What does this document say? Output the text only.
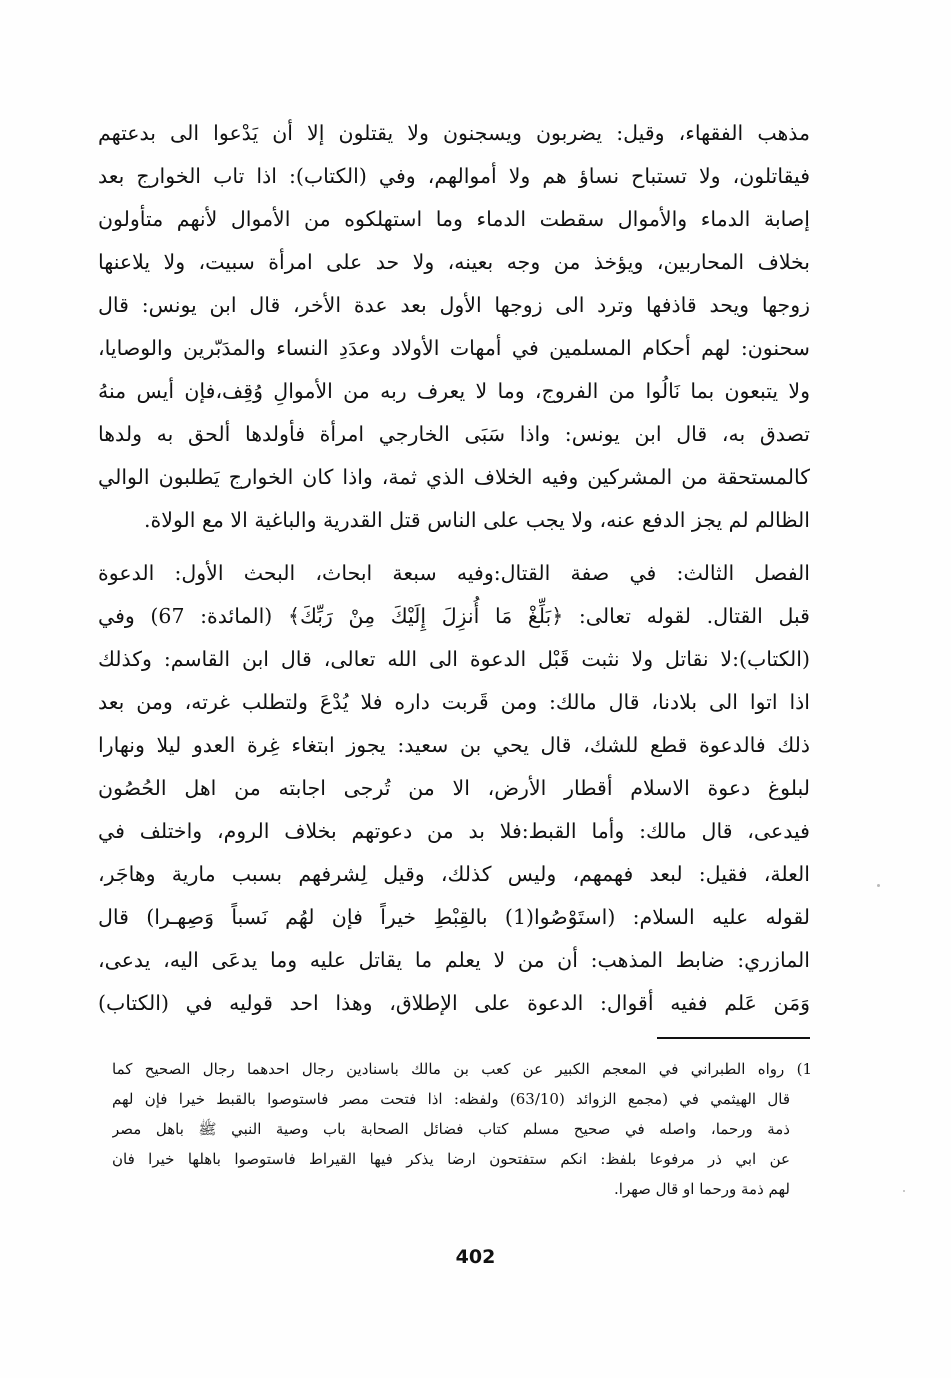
مذهب الفقهاء، وقيل: يضربون ويسجنون ولا يقتلون إلا أن يَدْعوا الى بدعتهم
فيقاتلون، ولا تستباح نساؤ هم ولا أموالهم، وفي (الكتاب): اذا تاب الخوارج بعد
إصابة الدماء والأموال سقطت الدماء وما استهلكوه من الأموال لأنهم متأولون
بخلاف المحاربين، ويؤخذ من وجه بعينه، ولا حد على امرأة سبيت، ولا يلاعنها
زوجها ويحد قاذفها وترد الى زوجها الأول بعد عدة الأخر، قال ابن يونس: قال
سحنون: لهم أحكام المسلمين في أمهات الأولاد وعدَدِ النساء والمدَبّرين والوصايا،
ولا يتبعون بما نَالُوا من الفروج، وما لا يعرف ربه من الأموالِ وُقِف،فإن أيس منهُ
تصدق به، قال ابن يونس: واذا سَبَى الخارجي امرأة فأولدها ألحق به ولدها
كالمستحقة من المشركين وفيه الخلاف الذي ثمة، واذا كان الخوارج يَطلبون الوالي
الظالم لم يجز الدفع عنه، ولا يجب على الناس قتل القدرية والباغية الا مع الولاة.
الفصل الثالث: في صفة القتال:وفيه سبعة ابحاث، البحث الأول: الدعوة
قبل القتال. لقوله تعالى: ﴿بَلِّغْ مَا أُنزِلَ إِلَيْكَ مِنْ رَبِّكَ﴾ (المائدة: 67) وفي
(الكتاب):لا نقاتل ولا نثبت قَبْل الدعوة الى الله تعالى، قال ابن القاسم: وكذلك
اذا اتوا الى بلادنا، قال مالك: ومن قَربت داره فلا يُدْعَ ولتطلب غرته، ومن بعد
ذلك فالدعوة قطع للشك، قال يحي بن سعيد: يجوز ابتغاء غِرة العدو ليلا ونهارا
لبلوغ دعوة الاسلام أقطار الأرض، الا من تُرجى اجابته من اهل الحُصُون
فيدعى، قال مالك: وأما القبط:فلا بد من دعوتهم بخلاف الروم، واختلف في
العلة، فقيل: لبعد فهمهم، وليس كذلك، وقيل لِشرفهم بسبب مارية وهاجَر،
لقوله عليه السلام: (استَوْصُوا(1) بالقِبْطِ خيراً فإن لهُم نَسباً وَصِهـرا) قال
المازري: ضابط المذهب: أن من لا يعلم ما يقاتل عليه وما يدعَى اليه، يدعى،
وَمَن عَلم ففيه أقوال: الدعوة على الإطلاق، وهذا احد قوليه في (الكتاب)
1) رواه الطبراني في المعجم الكبير عن كعب بن مالك باسنادين رجال احدهما رجال الصحيح كما
قال الهيثمي في (مجمع الزوائد (63/10) ولفظه: اذا فتحت مصر فاستوصوا بالقبط خيرا فإن لهم
ذمة ورحما، واصله في صحيح مسلم كتاب فضائل الصحابة باب وصية النبي ﷺ باهل مصر
عن ابي ذر مرفوعا بلفظ: انكم ستفتحون ارضا يذكر فيها القيراط فاستوصوا باهلها خيرا فان
لهم ذمة ورحما او قال صهرا.
402
